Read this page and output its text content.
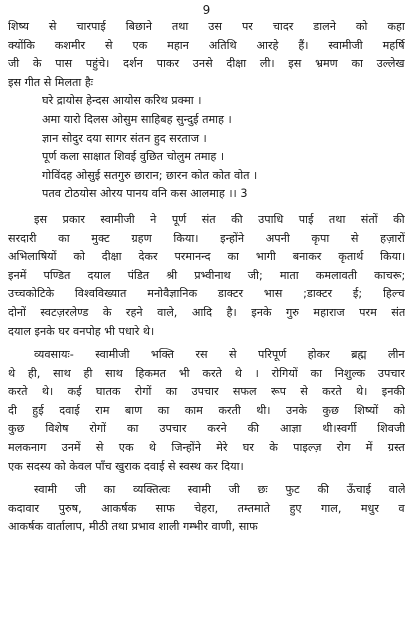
9
शिष्य से चारपाई बिछाने तथा उस पर चादर डालने को कहा
क्योंकि कशमीर से एक महान अतिथि आरहे हैं। स्वामीजी महर्षि
जी के पास पहुंचे। दर्शन पाकर उनसे दीक्षा ली। इस भ्रमण का उल्लेख
इस गीत से मिलता हैः
घरे द्रायोस हेन्दस आयोस करिथ प्रक्मा ।
अमा यारो दिलस ओसुम साहिबह सुन्दुई तमाह ।
ज्ञान सोदुर दया सागर संतन हुद सरताज ।
पूर्ण कला साक्षात शिवई वुछित चोलुम तमाह ।
गोविंदह ओसुई सतगुरु छारान; छारन कोत कोत वोत ।
पतव टोठयोस ओरय पानय वनि कस आलमाह ।। 3
इस प्रकार स्वामीजी ने पूर्ण संत की उपाधि पाई तथा संतों की
सरदारी का मुक्ट ग्रहण किया। इन्होंने अपनी कृपा से हज़ारों
अभिलाषियों को दीक्षा देकर परमानन्द का भागी बनाकर कृतार्थ किया।
इनमें पण्डित दयाल पंडित श्री प्रभ्वीनाथ जी; माता कमलावती काचरू;
उच्चकोटिके विश्वविख्यात मनोवैज्ञानिक डाक्टर भास ;डाक्टर ई; हिल्च
दोनों स्वटज़रलेण्ड के रहने वाले, आदि है। इनके गुरु महाराज परम संत
दयाल इनके घर वनपोह भी पधारे थे।
व्यवसायः- स्वामीजी भक्ति रस से परिपूर्ण होकर ब्रह्म लीन
थे ही, साथ ही साथ हिकमत भी करते थे । रोगियों का निशुल्क उपचार
करते थे। कई घातक रोगों का उपचार सफल रूप से करते थे। इनकी
दी हुई दवाई राम बाण का काम करती थी। उनके कुछ शिष्यों को
कुछ विशेष रोगों का उपचार करने की आज्ञा थी।स्वर्गी शिवजी
मलकनाग उनमें से एक थे जिन्होंने मेरे घर के पाइल्ज़ रोग में ग्रस्त
एक सदस्य को केवल पाँच खुराक दवाई से स्वस्थ कर दिया।
स्वामी जी का व्यक्तित्वः स्वामी जी छः फुट की ऊँचाई वाले
कदावार पुरुष, आकर्षक साफ चेहरा, तम्तमाते हुए गाल, मधुर व
आकर्षक वार्तालाप, मीठी तथा प्रभाव शाली गम्भीर वाणी, साफ
